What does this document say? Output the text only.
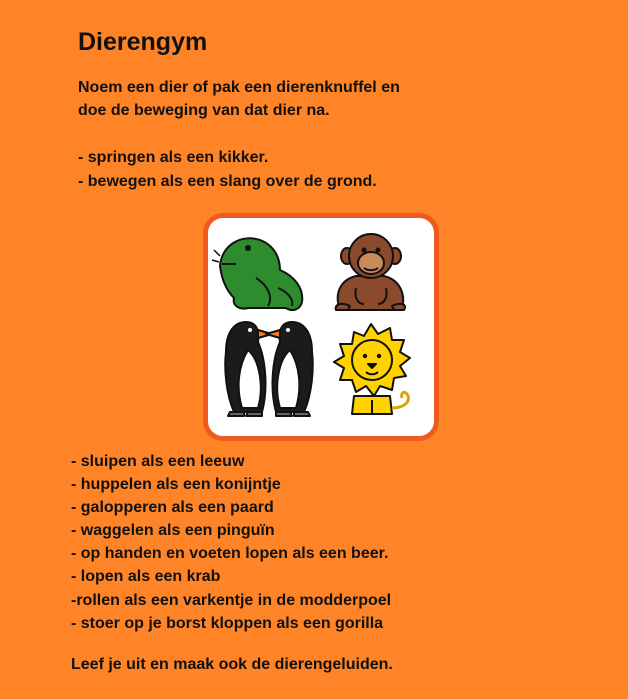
Dierengym
Noem een dier of pak een dierenknuffel en
doe de beweging van dat dier na.
- springen als een kikker.
- bewegen als een slang over de grond.
- sluipen als een leeuw
- huppelen als een konijntje
- galopperen als een paard
- waggelen als een pinguïn
- op handen en voeten lopen als een beer.
- lopen als een krab
-rollen als een varkentje in de modderpoel
- stoer op je borst kloppen als een gorilla
Leef je uit en maak ook de dierengeluiden.
